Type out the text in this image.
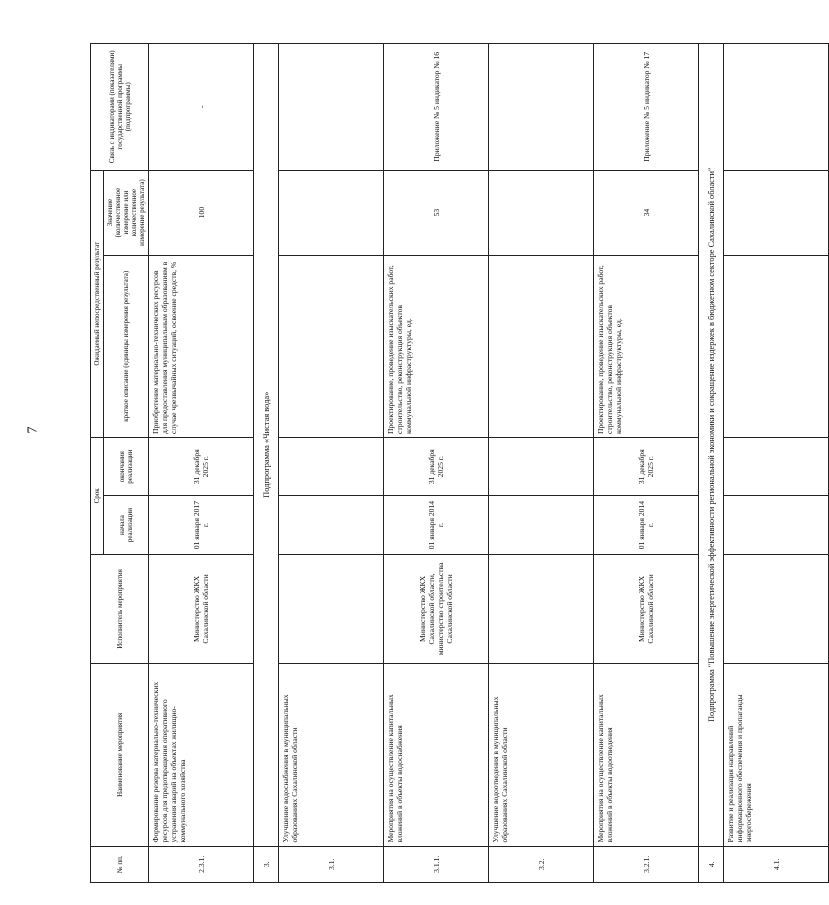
7
№ пп.	Наименование мероприятия	Исполнитель мероприятия	Срок		Ожидаемый непосредственный результат		Связь с индикаторами (показателями) государственной программы (подпрограммы)
			начала реализации	окончания реализации	краткое описание (единицы измерения результата)	Значение (количественное измерение или количественное измерение результата)	
2.3.1.	Формирование резерва материально-технических ресурсов для предотвращения оперативного устранения аварий на объектах жилищно-коммунального хозяйства	Министерство ЖКХ Сахалинской области	01 января 2017 г.	31 декабря 2025 г.	Приобретение материально-технических ресурсов для предоставления муниципальным образованиям в случае чрезвычайных ситуаций, освоение средств, %	100	-
3.	Подпрограмма «Чистая вода»						
3.1.	Улучшение водоснабжения в муниципальных образованиях Сахалинской области						
3.1.1.	Мероприятия на осуществление капитальных вложений в объекты водоснабжения	Министерство ЖКХ Сахалинской области, министерство строительства Сахалинской области	01 января 2014 г.	31 декабря 2025 г.	Проектирование, проведение изыскательских работ, строительство, реконструкция объектов коммунальной инфраструктуры, ед.	53	Приложение № 5 индикатор № 16
3.2.	Улучшение водоотведения в муниципальных образованиях Сахалинской области						
3.2.1.	Мероприятия на осуществление капитальных вложений в объекты водоотведения	Министерство ЖКХ Сахалинской области	01 января 2014 г.	31 декабря 2025 г.	Проектирование, проведение изыскательских работ, строительство, реконструкция объектов коммунальной инфраструктуры, ед.	34	Приложение № 5 индикатор № 17
4.	Подпрограмма "Повышение энергетической эффективности региональной экономики и сокращение издержек в бюджетном секторе Сахалинской области"						
4.1.	Развитие и реализация направлений информационного обеспечения и пропаганды энергосбережения						
